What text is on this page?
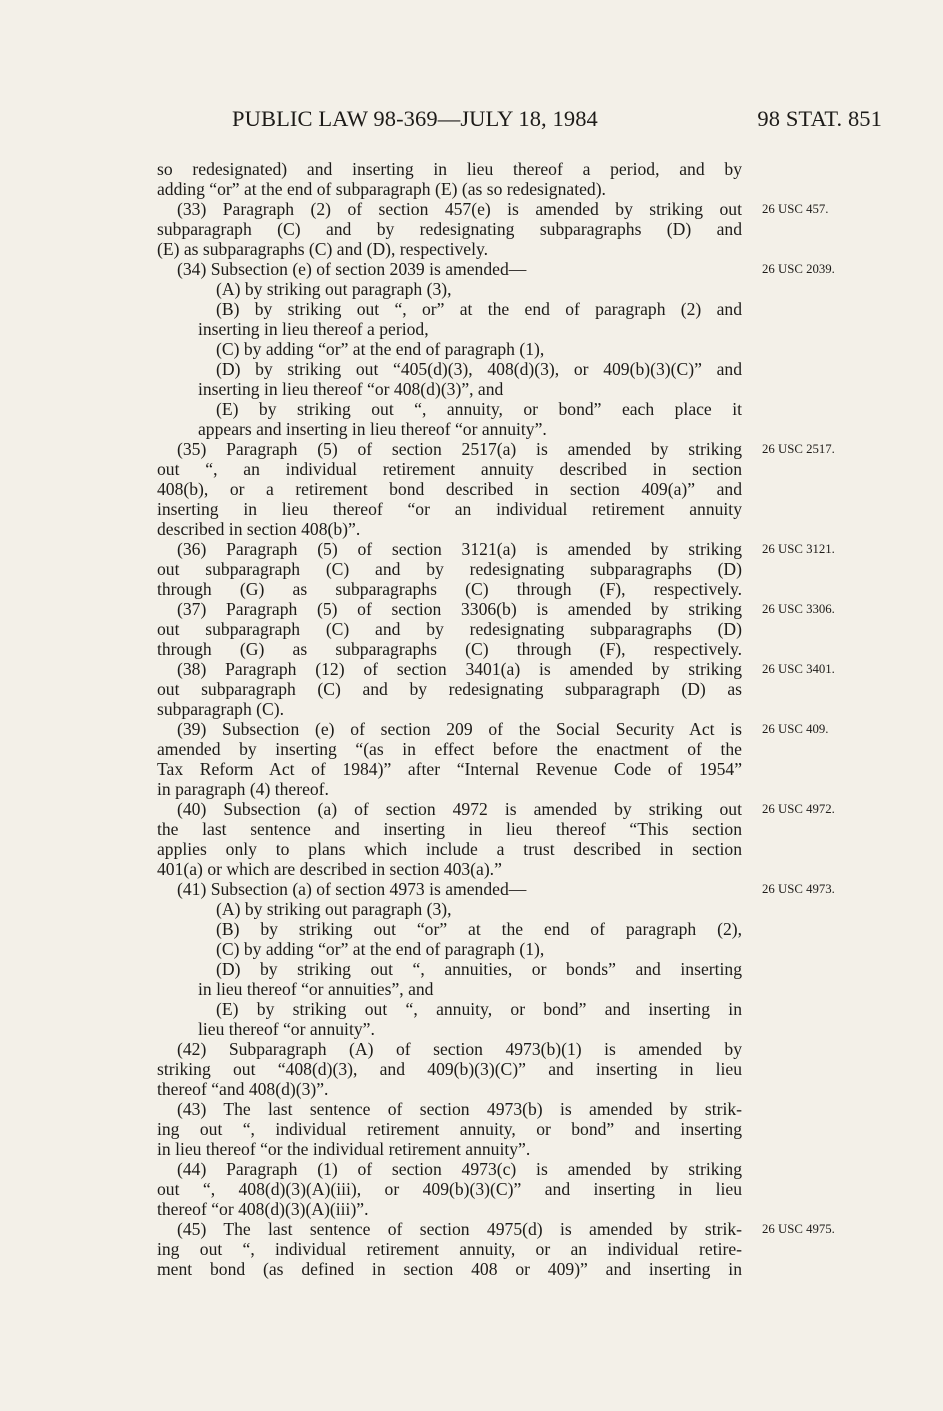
PUBLIC LAW 98-369—JULY 18, 1984	98 STAT. 851
so redesignated) and inserting in lieu thereof a period, and by
adding “or” at the end of subparagraph (E) (as so redesignated).
(33) Paragraph (2) of section 457(e) is amended by striking out
subparagraph (C) and by redesignating subparagraphs (D) and
(E) as subparagraphs (C) and (D), respectively.
(34) Subsection (e) of section 2039 is amended—
(A) by striking out paragraph (3),
(B) by striking out “, or” at the end of paragraph (2) and
inserting in lieu thereof a period,
(C) by adding “or” at the end of paragraph (1),
(D) by striking out “405(d)(3), 408(d)(3), or 409(b)(3)(C)” and
inserting in lieu thereof “or 408(d)(3)”, and
(E) by striking out “, annuity, or bond” each place it
appears and inserting in lieu thereof “or annuity”.
(35) Paragraph (5) of section 2517(a) is amended by striking
out “, an individual retirement annuity described in section
408(b), or a retirement bond described in section 409(a)” and
inserting in lieu thereof “or an individual retirement annuity
described in section 408(b)”.
(36) Paragraph (5) of section 3121(a) is amended by striking
out subparagraph (C) and by redesignating subparagraphs (D)
through (G) as subparagraphs (C) through (F), respectively.
(37) Paragraph (5) of section 3306(b) is amended by striking
out subparagraph (C) and by redesignating subparagraphs (D)
through (G) as subparagraphs (C) through (F), respectively.
(38) Paragraph (12) of section 3401(a) is amended by striking
out subparagraph (C) and by redesignating subparagraph (D) as
subparagraph (C).
(39) Subsection (e) of section 209 of the Social Security Act is
amended by inserting “(as in effect before the enactment of the
Tax Reform Act of 1984)” after “Internal Revenue Code of 1954”
in paragraph (4) thereof.
(40) Subsection (a) of section 4972 is amended by striking out
the last sentence and inserting in lieu thereof “This section
applies only to plans which include a trust described in section
401(a) or which are described in section 403(a).”
(41) Subsection (a) of section 4973 is amended—
(A) by striking out paragraph (3),
(B) by striking out “or” at the end of paragraph (2),
(C) by adding “or” at the end of paragraph (1),
(D) by striking out “, annuities, or bonds” and inserting
in lieu thereof “or annuities”, and
(E) by striking out “, annuity, or bond” and inserting in
lieu thereof “or annuity”.
(42) Subparagraph (A) of section 4973(b)(1) is amended by
striking out “408(d)(3), and 409(b)(3)(C)” and inserting in lieu
thereof “and 408(d)(3)”.
(43) The last sentence of section 4973(b) is amended by strik-
ing out “, individual retirement annuity, or bond” and inserting
in lieu thereof “or the individual retirement annuity”.
(44) Paragraph (1) of section 4973(c) is amended by striking
out “, 408(d)(3)(A)(iii), or 409(b)(3)(C)” and inserting in lieu
thereof “or 408(d)(3)(A)(iii)”.
(45) The last sentence of section 4975(d) is amended by strik-
ing out “, individual retirement annuity, or an individual retire-
ment bond (as defined in section 408 or 409)” and inserting in
26 USC 457.
26 USC 2039.
26 USC 2517.
26 USC 3121.
26 USC 3306.
26 USC 3401.
26 USC 409.
26 USC 4972.
26 USC 4973.
26 USC 4975.
